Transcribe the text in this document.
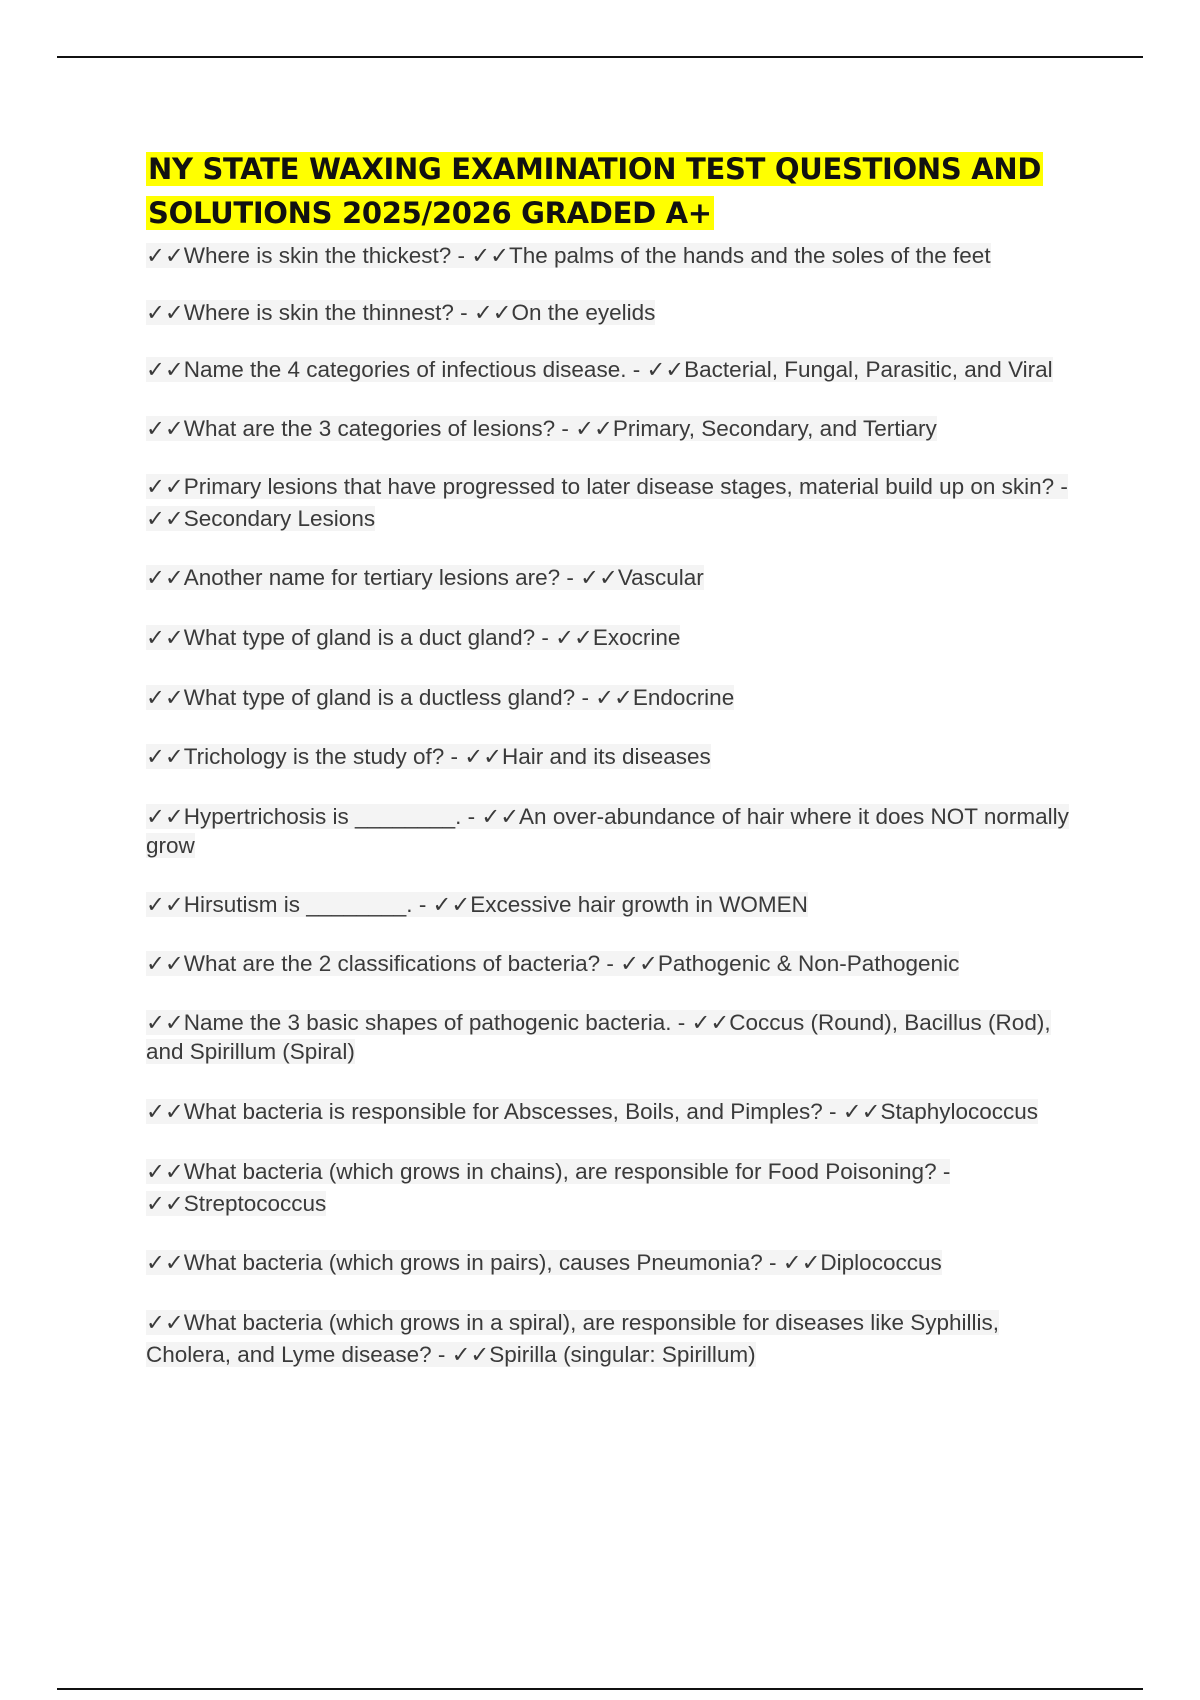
NY STATE WAXING EXAMINATION TEST QUESTIONS AND SOLUTIONS 2025/2026 GRADED A+
✓✓Where is skin the thickest? - ✓✓The palms of the hands and the soles of the feet
✓✓Where is skin the thinnest? - ✓✓On the eyelids
✓✓Name the 4 categories of infectious disease. - ✓✓Bacterial, Fungal, Parasitic, and Viral
✓✓What are the 3 categories of lesions? - ✓✓Primary, Secondary, and Tertiary
✓✓Primary lesions that have progressed to later disease stages, material build up on skin? - ✓✓Secondary Lesions
✓✓Another name for tertiary lesions are? - ✓✓Vascular
✓✓What type of gland is a duct gland? - ✓✓Exocrine
✓✓What type of gland is a ductless gland? - ✓✓Endocrine
✓✓Trichology is the study of? - ✓✓Hair and its diseases
✓✓Hypertrichosis is ________. - ✓✓An over-abundance of hair where it does NOT normally grow
✓✓Hirsutism is ________. - ✓✓Excessive hair growth in WOMEN
✓✓What are the 2 classifications of bacteria? - ✓✓Pathogenic & Non-Pathogenic
✓✓Name the 3 basic shapes of pathogenic bacteria. - ✓✓Coccus (Round), Bacillus (Rod), and Spirillum (Spiral)
✓✓What bacteria is responsible for Abscesses, Boils, and Pimples? - ✓✓Staphylococcus
✓✓What bacteria (which grows in chains), are responsible for Food Poisoning? - ✓✓Streptococcus
✓✓What bacteria (which grows in pairs), causes Pneumonia? - ✓✓Diplococcus
✓✓What bacteria (which grows in a spiral), are responsible for diseases like Syphillis, Cholera, and Lyme disease? - ✓✓Spirilla (singular: Spirillum)
